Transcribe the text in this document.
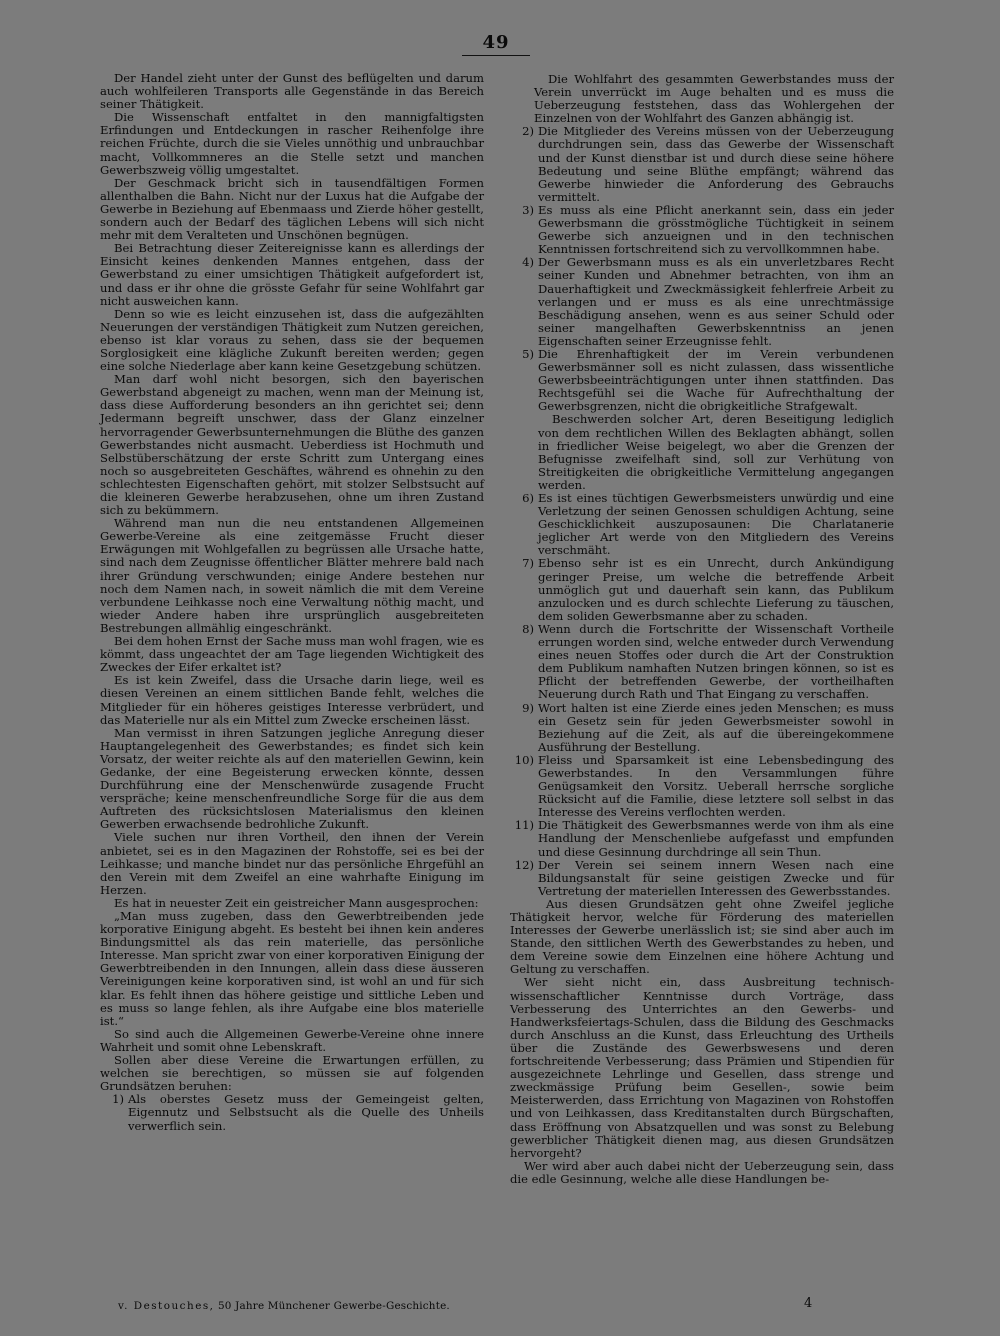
49

Der Handel zieht unter der Gunst des beflügelten und darum auch wohlfeileren Transports alle Gegenstände in das Bereich seiner Thätigkeit.

Die Wissenschaft entfaltet in den mannigfaltigsten Erfindungen und Entdeckungen in rascher Reihenfolge ihre reichen Früchte, durch die sie Vieles unnöthig und unbrauchbar macht, Vollkommneres an die Stelle setzt und manchen Gewerbszweig völlig umgestaltet.

Der Geschmack bricht sich in tausendfältigen Formen allenthalben die Bahn. Nicht nur der Luxus hat die Aufgabe der Gewerbe in Beziehung auf Ebenmaass und Zierde höher gestellt, sondern auch der Bedarf des täglichen Lebens will sich nicht mehr mit dem Veralteten und Unschönen begnügen.

Bei Betrachtung dieser Zeitereignisse kann es allerdings der Einsicht keines denkenden Mannes entgehen, dass der Gewerbstand zu einer umsichtigen Thätigkeit aufgefordert ist, und dass er ihr ohne die grösste Gefahr für seine Wohlfahrt gar nicht ausweichen kann.

Denn so wie es leicht einzusehen ist, dass die aufgezählten Neuerungen der verständigen Thätigkeit zum Nutzen gereichen, ebenso ist klar voraus zu sehen, dass sie der bequemen Sorglosigkeit eine klägliche Zukunft bereiten werden; gegen eine solche Niederlage aber kann keine Gesetzgebung schützen.

Man darf wohl nicht besorgen, sich den bayerischen Gewerbstand abgeneigt zu machen, wenn man der Meinung ist, dass diese Aufforderung besonders an ihn gerichtet sei; denn Jedermann begreift unschwer, dass der Glanz einzelner hervorragender Gewerbsunternehmungen die Blüthe des ganzen Gewerbstandes nicht ausmacht. Ueberdiess ist Hochmuth und Selbstüberschätzung der erste Schritt zum Untergang eines noch so ausgebreiteten Geschäftes, während es ohnehin zu den schlechtesten Eigenschaften gehört, mit stolzer Selbstsucht auf die kleineren Gewerbe herabzusehen, ohne um ihren Zustand sich zu bekümmern.

Während man nun die neu entstandenen Allgemeinen Gewerbe-Vereine als eine zeitgemässe Frucht dieser Erwägungen mit Wohlgefallen zu begrüssen alle Ursache hatte, sind nach dem Zeugnisse öffentlicher Blätter mehrere bald nach ihrer Gründung verschwunden; einige Andere bestehen nur noch dem Namen nach, in soweit nämlich die mit dem Vereine verbundene Leihkasse noch eine Verwaltung nöthig macht, und wieder Andere haben ihre ursprünglich ausgebreiteten Bestrebungen allmählig eingeschränkt.

Bei dem hohen Ernst der Sache muss man wohl fragen, wie es kömmt, dass ungeachtet der am Tage liegenden Wichtigkeit des Zweckes der Eifer erkaltet ist?

Es ist kein Zweifel, dass die Ursache darin liege, weil es diesen Vereinen an einem sittlichen Bande fehlt, welches die Mitglieder für ein höheres geistiges Interesse verbrüdert, und das Materielle nur als ein Mittel zum Zwecke erscheinen lässt.

Man vermisst in ihren Satzungen jegliche Anregung dieser Hauptangelegenheit des Gewerbstandes; es findet sich kein Vorsatz, der weiter reichte als auf den materiellen Gewinn, kein Gedanke, der eine Begeisterung erwecken könnte, dessen Durchführung eine der Menschenwürde zusagende Frucht verspräche; keine menschenfreundliche Sorge für die aus dem Auftreten des rücksichtslosen Materialismus den kleinen Gewerben erwachsende bedrohliche Zukunft.

Viele suchen nur ihren Vortheil, den ihnen der Verein anbietet, sei es in den Magazinen der Rohstoffe, sei es bei der Leihkasse; und manche bindet nur das persönliche Ehrgefühl an den Verein mit dem Zweifel an eine wahrhafte Einigung im Herzen.

Es hat in neuester Zeit ein geistreicher Mann ausgesprochen:

„Man muss zugeben, dass den Gewerbtreibenden jede korporative Einigung abgeht. Es besteht bei ihnen kein anderes Bindungsmittel als das rein materielle, das persönliche Interesse. Man spricht zwar von einer korporativen Einigung der Gewerbtreibenden in den Innungen, allein dass diese äusseren Vereinigungen keine korporativen sind, ist wohl an und für sich klar. Es fehlt ihnen das höhere geistige und sittliche Leben und es muss so lange fehlen, als ihre Aufgabe eine blos materielle ist.“

So sind auch die Allgemeinen Gewerbe-Vereine ohne innere Wahrheit und somit ohne Lebenskraft.

Sollen aber diese Vereine die Erwartungen erfüllen, zu welchen sie berechtigen, so müssen sie auf folgenden Grundsätzen beruhen:

1) Als oberstes Gesetz muss der Gemeingeist gelten, Eigennutz und Selbstsucht als die Quelle des Unheils verwerflich sein.

Die Wohlfahrt des gesammten Gewerbstandes muss der Verein unverrückt im Auge behalten und es muss die Ueberzeugung feststehen, dass das Wohlergehen der Einzelnen von der Wohlfahrt des Ganzen abhängig ist.

2) Die Mitglieder des Vereins müssen von der Ueberzeugung durchdrungen sein, dass das Gewerbe der Wissenschaft und der Kunst dienstbar ist und durch diese seine höhere Bedeutung und seine Blüthe empfängt; während das Gewerbe hinwieder die Anforderung des Gebrauchs vermittelt.

3) Es muss als eine Pflicht anerkannt sein, dass ein jeder Gewerbsmann die grösstmögliche Tüchtigkeit in seinem Gewerbe sich anzueignen und in den technischen Kenntnissen fortschreitend sich zu vervollkommnen habe.

4) Der Gewerbsmann muss es als ein unverletzbares Recht seiner Kunden und Abnehmer betrachten, von ihm an Dauerhaftigkeit und Zweckmässigkeit fehlerfreie Arbeit zu verlangen und er muss es als eine unrechtmässige Beschädigung ansehen, wenn es aus seiner Schuld oder seiner mangelhaften Gewerbskenntniss an jenen Eigenschaften seiner Erzeugnisse fehlt.

5) Die Ehrenhaftigkeit der im Verein verbundenen Gewerbsmänner soll es nicht zulassen, dass wissentliche Gewerbsbeeinträchtigungen unter ihnen stattfinden. Das Rechtsgefühl sei die Wache für Aufrechthaltung der Gewerbsgrenzen, nicht die obrigkeitliche Strafgewalt.

Beschwerden solcher Art, deren Beseitigung lediglich von dem rechtlichen Willen des Beklagten abhängt, sollen in friedlicher Weise beigelegt, wo aber die Grenzen der Befugnisse zweifelhaft sind, soll zur Verhütung von Streitigkeiten die obrigkeitliche Vermittelung angegangen werden.

6) Es ist eines tüchtigen Gewerbsmeisters unwürdig und eine Verletzung der seinen Genossen schuldigen Achtung, seine Geschicklichkeit auszuposaunen: Die Charlatanerie jeglicher Art werde von den Mitgliedern des Vereins verschmäht.

7) Ebenso sehr ist es ein Unrecht, durch Ankündigung geringer Preise, um welche die betreffende Arbeit unmöglich gut und dauerhaft sein kann, das Publikum anzulocken und es durch schlechte Lieferung zu täuschen, dem soliden Gewerbsmanne aber zu schaden.

8) Wenn durch die Fortschritte der Wissenschaft Vortheile errungen worden sind, welche entweder durch Verwendung eines neuen Stoffes oder durch die Art der Construktion dem Publikum namhaften Nutzen bringen können, so ist es Pflicht der betreffenden Gewerbe, der vortheilhaften Neuerung durch Rath und That Eingang zu verschaffen.

9) Wort halten ist eine Zierde eines jeden Menschen; es muss ein Gesetz sein für jeden Gewerbsmeister sowohl in Beziehung auf die Zeit, als auf die übereingekommene Ausführung der Bestellung.

10) Fleiss und Sparsamkeit ist eine Lebensbedingung des Gewerbstandes. In den Versammlungen führe Genügsamkeit den Vorsitz. Ueberall herrsche sorgliche Rücksicht auf die Familie, diese letztere soll selbst in das Interesse des Vereins verflochten werden.

11) Die Thätigkeit des Gewerbsmannes werde von ihm als eine Handlung der Menschenliebe aufgefasst und empfunden und diese Gesinnung durchdringe all sein Thun.

12) Der Verein sei seinem innern Wesen nach eine Bildungsanstalt für seine geistigen Zwecke und für Vertretung der materiellen Interessen des Gewerbsstandes.

Aus diesen Grundsätzen geht ohne Zweifel jegliche Thätigkeit hervor, welche für Förderung des materiellen Interesses der Gewerbe unerlässlich ist; sie sind aber auch im Stande, den sittlichen Werth des Gewerbstandes zu heben, und dem Vereine sowie dem Einzelnen eine höhere Achtung und Geltung zu verschaffen.

Wer sieht nicht ein, dass Ausbreitung technisch-wissenschaftlicher Kenntnisse durch Vorträge, dass Verbesserung des Unterrichtes an den Gewerbs- und Handwerksfeiertags-Schulen, dass die Bildung des Geschmacks durch Anschluss an die Kunst, dass Erleuchtung des Urtheils über die Zustände des Gewerbswesens und deren fortschreitende Verbesserung; dass Prämien und Stipendien für ausgezeichnete Lehrlinge und Gesellen, dass strenge und zweckmässige Prüfung beim Gesellen-, sowie beim Meisterwerden, dass Errichtung von Magazinen von Rohstoffen und von Leihkassen, dass Kreditanstalten durch Bürgschaften, dass Eröffnung von Absatzquellen und was sonst zu Belebung gewerblicher Thätigkeit dienen mag, aus diesen Grundsätzen hervorgeht?

Wer wird aber auch dabei nicht der Ueberzeugung sein, dass die edle Gesinnung, welche alle diese Handlungen be-

v. Destouches, 50 Jahre Münchener Gewerbe-Geschichte.	4
